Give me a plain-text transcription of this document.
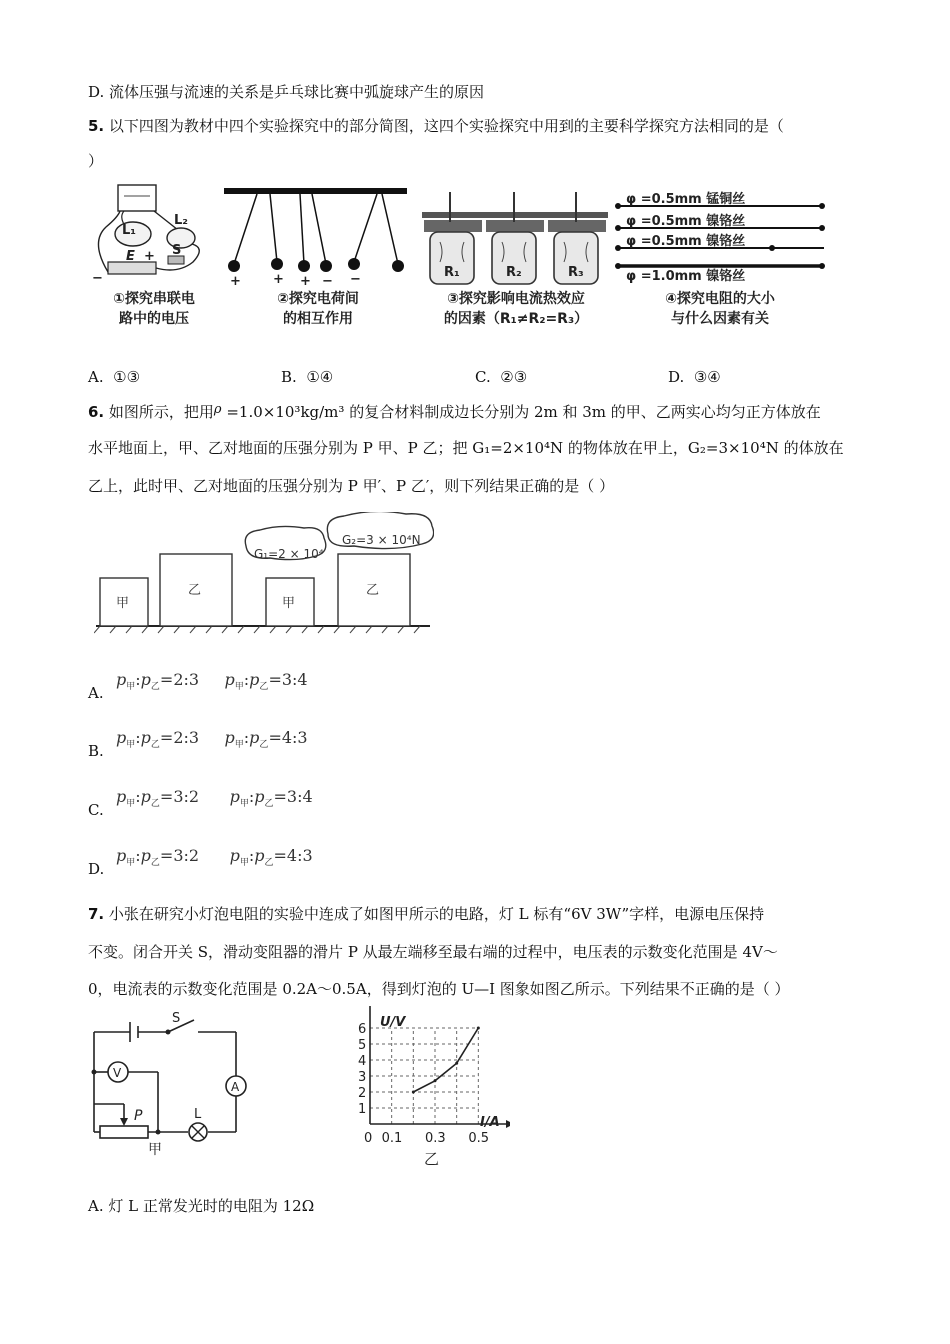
D. 流体压强与流速的关系是乒乓球比赛中弧旋球产生的原因
5. 以下四图为教材中四个实验探究中的部分简图，这四个实验探究中用到的主要科学探究方法相同的是（
）
L₁
L₂
E	S
−
+
①探究串联电
路中的电压
+ + + − −
②探究电荷间
的相互作用
R₁	R₂	R₃
③探究影响电流热效应
的因素（R₁≠R₂=R₃）
φ =0.5mm 锰铜丝
φ =0.5mm 镍铬丝
φ =0.5mm 镍铬丝
φ =1.0mm 镍铬丝
④探究电阻的大小
与什么因素有关
A. ①③	B. ①④	C. ②③	D. ③④
6. 如图所示，把用ρ =1.0×10³kg/m³ 的复合材料制成边长分别为 2m 和 3m 的甲、乙两实心均匀正方体放在
水平地面上，甲、乙对地面的压强分别为 P 甲、P 乙；把 G₁=2×10⁴N 的物体放在甲上，G₂=3×10⁴N 的体放在
乙上，此时甲、乙对地面的压强分别为 P 甲′、P 乙′，则下列结果正确的是（ ）
甲
乙
甲
乙
G₁=2 × 10⁴
G₂=3 × 10⁴N
A.
$p_甲:p_乙=2:3$ $p_甲:p_乙=3:4$
B.
$p_甲:p_乙=2:3$ $p_甲:p_乙=4:3$
C.
$p_甲:p_乙=3:2$ $p_甲:p_乙=3:4$
D.
$p_甲:p_乙=3:2$ $p_甲:p_乙=4:3$
7. 小张在研究小灯泡电阻的实验中连成了如图甲所示的电路，灯 L 标有“6V 3W”字样，电源电压保持
不变。闭合开关 S，滑动变阻器的滑片 P 从最左端移至最右端的过程中，电压表的示数变化范围是 4V～
0，电流表的示数变化范围是 0.2A～0.5A，得到灯泡的 U—I 图象如图乙所示。下列结果不正确的是（ ）
V
A
S
P	L
甲
1
2
3
4
5
6
0 0.1 0.3 0.5
U/V
I/A
乙
A. 灯 L 正常发光时的电阻为 12Ω
